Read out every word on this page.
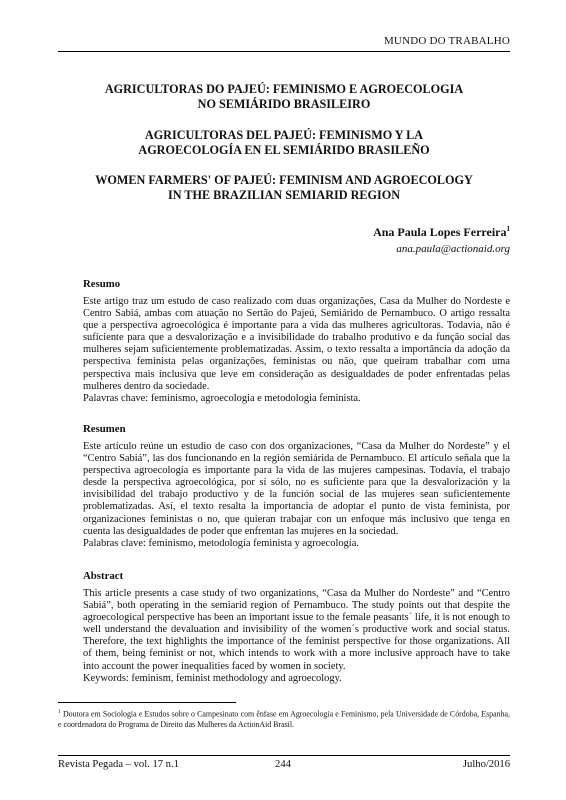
MUNDO DO TRABALHO
AGRICULTORAS DO PAJEÚ: FEMINISMO E AGROECOLOGIA
NO SEMIÁRIDO BRASILEIRO
AGRICULTORAS DEL PAJEÚ: FEMINISMO Y LA
AGROECOLOGÍA EN EL SEMIÁRIDO BRASILEÑO
WOMEN FARMERS' OF PAJEÚ: FEMINISM AND AGROECOLOGY
IN THE BRAZILIAN SEMIARID REGION
Ana Paula Lopes Ferreira$^1$
ana.paula@actionaid.org
Resumo
Este artigo traz um estudo de caso realizado com duas organizações, Casa da Mulher do Nordeste e Centro Sabiá, ambas com atuação no Sertão do Pajeú, Semiárido de Pernambuco. O artigo ressalta que a perspectiva agroecológica é importante para a vida das mulheres agricultoras. Todavia, não é suficiente para que a desvalorização e a invisibilidade do trabalho produtivo e da função social das mulheres sejam suficientemente problematizadas. Assim, o texto ressalta a importância da adoção da perspectiva feminista pelas organizações, feministas ou não, que queiram trabalhar com uma perspectiva mais inclusiva que leve em consideração as desigualdades de poder enfrentadas pelas mulheres dentro da sociedade.
Palavras chave: feminismo, agroecologia e metodologia feminista.
Resumen
Este artículo reúne un estudio de caso con dos organizaciones, “Casa da Mulher do Nordeste” y el “Centro Sabiá”, las dos funcionando en la región semiárida de Pernambuco. El artículo señala que la perspectiva agroecología es importante para la vida de las mujeres campesinas. Todavía, el trabajo desde la perspectiva agroecológica, por sí sólo, no es suficiente para que la desvalorización y la invisibilidad del trabajo productivo y de la función social de las mujeres sean suficientemente problematizadas. Así, el texto resalta la importancia de adoptar el punto de vista feminista, por organizaciones feministas o no, que quieran trabajar con un enfoque más inclusivo que tenga en cuenta las desigualdades de poder que enfrentan las mujeres en la sociedad.
Palabras clave: feminismo, metodología feminista y agroecología.
Abstract
This article presents a case study of two organizations, “Casa da Mulher do Nordeste” and “Centro Sabiá”, both operating in the semiarid region of Pernambuco. The study points out that despite the agroecological perspective has been an important issue to the female peasants´ life, it is not enough to well understand the devaluation and invisibility of the women´s productive work and social status. Therefore, the text highlights the importance of the feminist perspective for those organizations. All of them, being feminist or not, which intends to work with a more inclusive approach have to take into account the power inequalities faced by women in society.
Keywords: feminism, feminist methodology and agroecology.
$^1$ Doutora em Sociologia e Estudos sobre o Campesinato com ênfase em Agroecologia e Feminismo, pela Universidade de Córdoba, Espanha, e coordenadora do Programa de Direito das Mulheres da ActionAid Brasil.
Revista Pegada – vol. 17 n.1	244	Julho/2016
